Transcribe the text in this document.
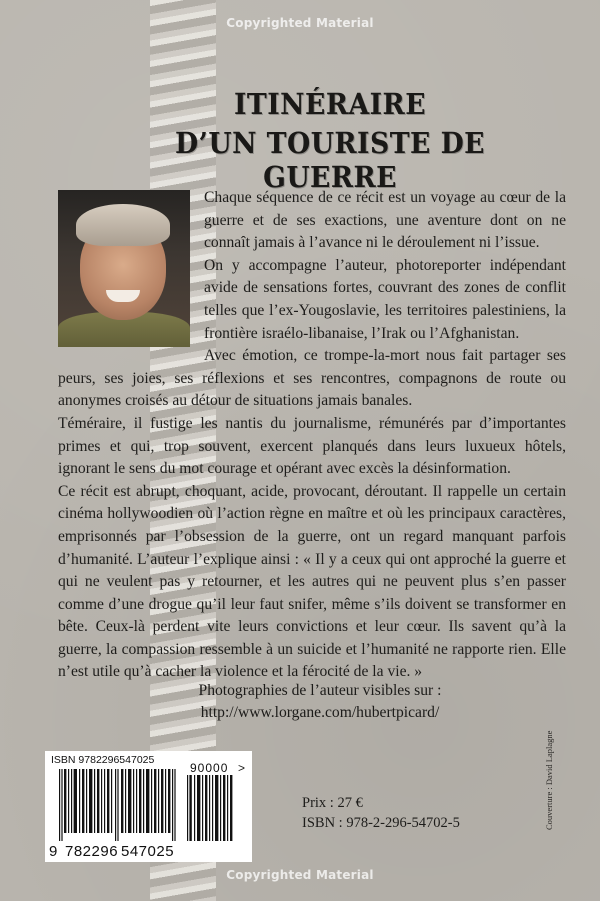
Copyrighted Material
ITINÉRAIRE
D’UN TOURISTE DE GUERRE

Chaque séquence de ce récit est un voyage au cœur de la guerre et de ses exactions, une aventure dont on ne connaît jamais à l’avance ni le déroulement ni l’issue.

On y accompagne l’auteur, photoreporter indépendant avide de sensations fortes, couvrant des zones de conflit telles que l’ex-Yougoslavie, les territoires palestiniens, la frontière israélo-libanaise, l’Irak ou l’Afghanistan.

Avec émotion, ce trompe-la-mort nous fait partager ses peurs, ses joies, ses réflexions et ses rencontres, compagnons de route ou anonymes croisés au détour de situations jamais banales.

Téméraire, il fustige les nantis du journalisme, rémunérés par d’importantes primes et qui, trop souvent, exercent planqués dans leurs luxueux hôtels, ignorant le sens du mot courage et opérant avec excès la désinformation.

Ce récit est abrupt, choquant, acide, provocant, déroutant. Il rappelle un certain cinéma hollywoodien où l’action règne en maître et où les principaux caractères, emprisonnés par l’obsession de la guerre, ont un regard manquant parfois d’humanité. L’auteur l’explique ainsi : « Il y a ceux qui ont approché la guerre et qui ne veulent pas y retourner, et les autres qui ne peuvent plus s’en passer comme d’une drogue qu’il leur faut snifer, même s’ils doivent se transformer en bête. Ceux-là perdent vite leurs convictions et leur cœur. Ils savent qu’à la guerre, la compassion ressemble à un suicide et l’humanité ne rapporte rien. Elle n’est utile qu’à cacher la violence et la férocité de la vie. »

Photographies de l’auteur visibles sur :
http://www.lorgane.com/hubertpicard/
ISBN 9782296547025
90000 >
9 782296 547025
Prix : 27 €
ISBN : 978-2-296-54702-5	Couverture : David Laplagne
Copyrighted Material
